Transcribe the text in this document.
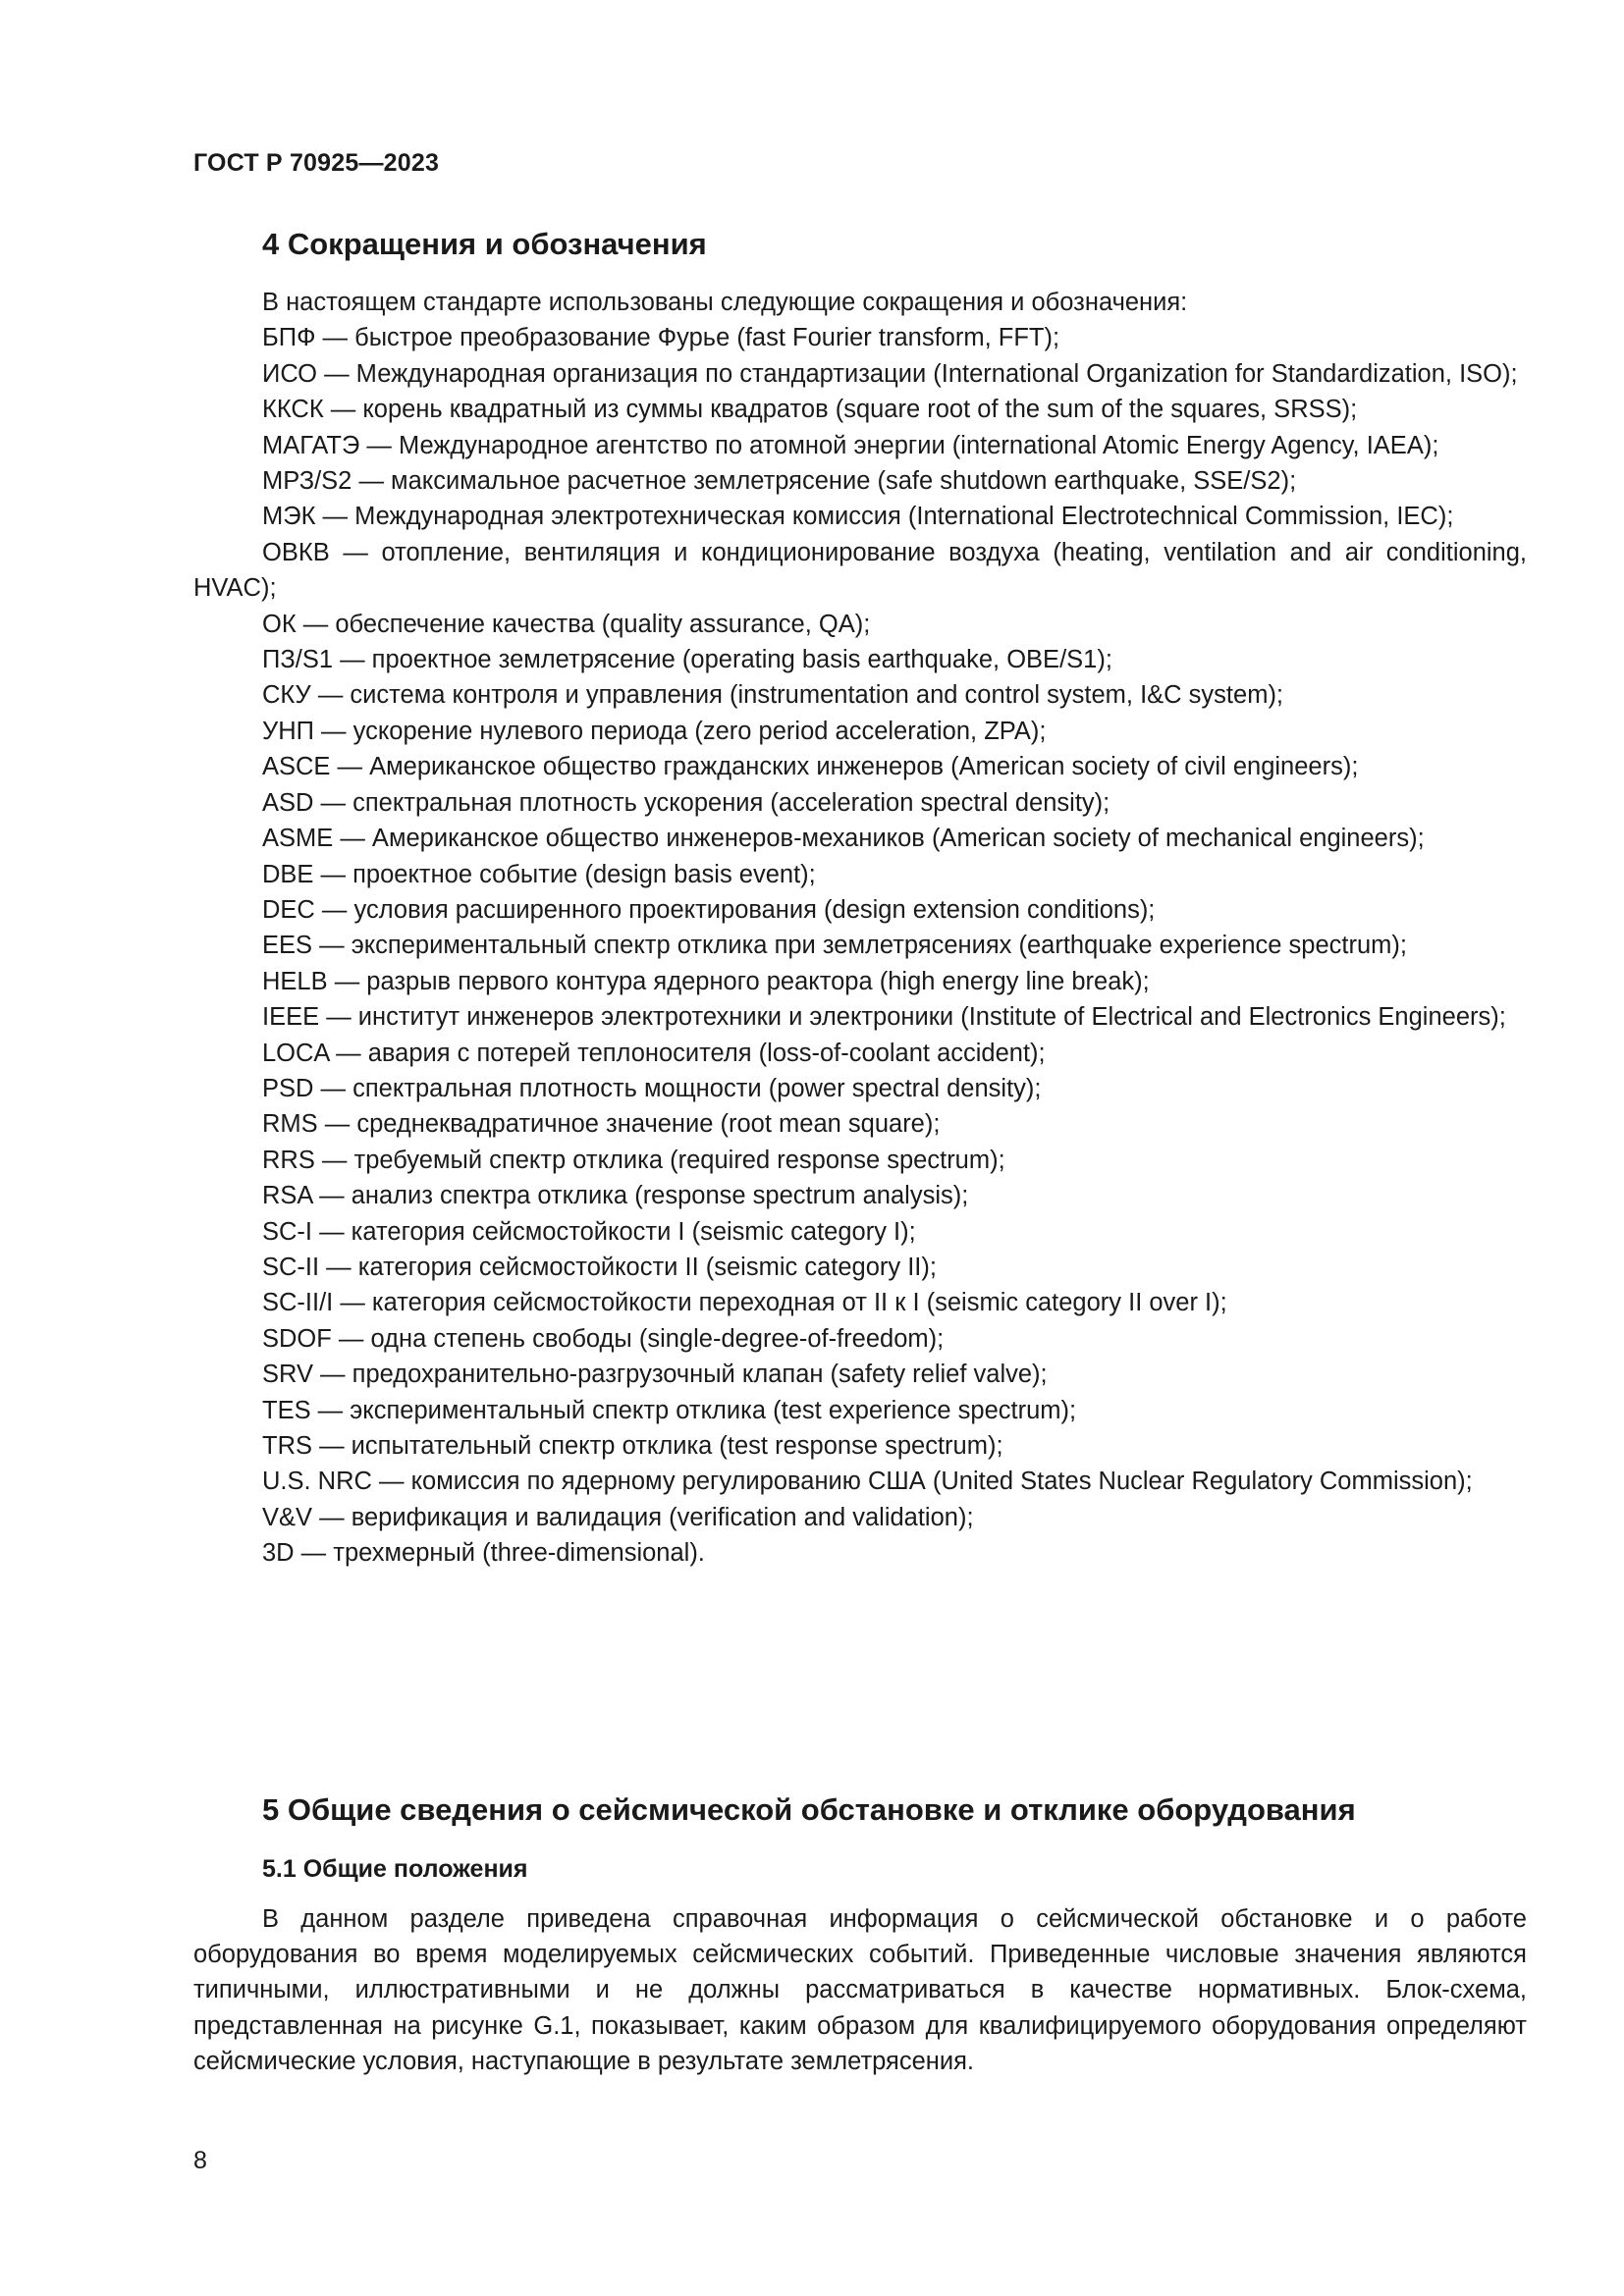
ГОСТ Р 70925—2023
4 Сокращения и обозначения

В настоящем стандарте использованы следующие сокращения и обозначения:

БПФ — быстрое преобразование Фурье (fast Fourier transform, FFT);

ИСО — Международная организация по стандартизации (International Organization for Standardization, ISO);

ККСК — корень квадратный из суммы квадратов (square root of the sum of the squares, SRSS);

МАГАТЭ — Международное агентство по атомной энергии (international Atomic Energy Agency, IAEA);

МРЗ/S2 — максимальное расчетное землетрясение (safe shutdown earthquake, SSE/S2);

МЭК — Международная электротехническая комиссия (International Electrotechnical Commission, IEC);

ОВКВ — отопление, вентиляция и кондиционирование воздуха (heating, ventilation and air conditioning, HVAC);

ОК — обеспечение качества (quality assurance, QA);

ПЗ/S1 — проектное землетрясение (operating basis earthquake, OBE/S1);

СКУ — система контроля и управления (instrumentation and control system, I&C system);

УНП — ускорение нулевого периода (zero period acceleration, ZPA);

ASCE — Американское общество гражданских инженеров (American society of civil engineers);

ASD — спектральная плотность ускорения (acceleration spectral density);

ASME — Американское общество инженеров-механиков (American society of mechanical engineers);

DBE — проектное событие (design basis event);

DEC — условия расширенного проектирования (design extension conditions);

EES — экспериментальный спектр отклика при землетрясениях (earthquake experience spectrum);

HELB — разрыв первого контура ядерного реактора (high energy line break);

IEEE — институт инженеров электротехники и электроники (Institute of Electrical and Electronics Engineers);

LOCA — авария с потерей теплоносителя (loss-of-coolant accident);

PSD — спектральная плотность мощности (power spectral density);

RMS — среднеквадратичное значение (root mean square);

RRS — требуемый спектр отклика (required response spectrum);

RSA — анализ спектра отклика (response spectrum analysis);

SC-I — категория сейсмостойкости I (seismic category I);

SC-II — категория сейсмостойкости II (seismic category II);

SC-II/I — категория сейсмостойкости переходная от II к I (seismic category II over I);

SDOF — одна степень свободы (single-degree-of-freedom);

SRV — предохранительно-разгрузочный клапан (safety relief valve);

TES — экспериментальный спектр отклика (test experience spectrum);

TRS — испытательный спектр отклика (test response spectrum);

U.S. NRC — комиссия по ядерному регулированию США (United States Nuclear Regulatory Commission);

V&V — верификация и валидация (verification and validation);

3D — трехмерный (three-dimensional).

5 Общие сведения о сейсмической обстановке и отклике оборудования
5.1 Общие положения

В данном разделе приведена справочная информация о сейсмической обстановке и о работе оборудования во время моделируемых сейсмических событий. Приведенные числовые значения являются типичными, иллюстративными и не должны рассматриваться в качестве нормативных. Блок-схема, представленная на рисунке G.1, показывает, каким образом для квалифицируемого оборудования определяют сейсмические условия, наступающие в результате землетрясения.

8
